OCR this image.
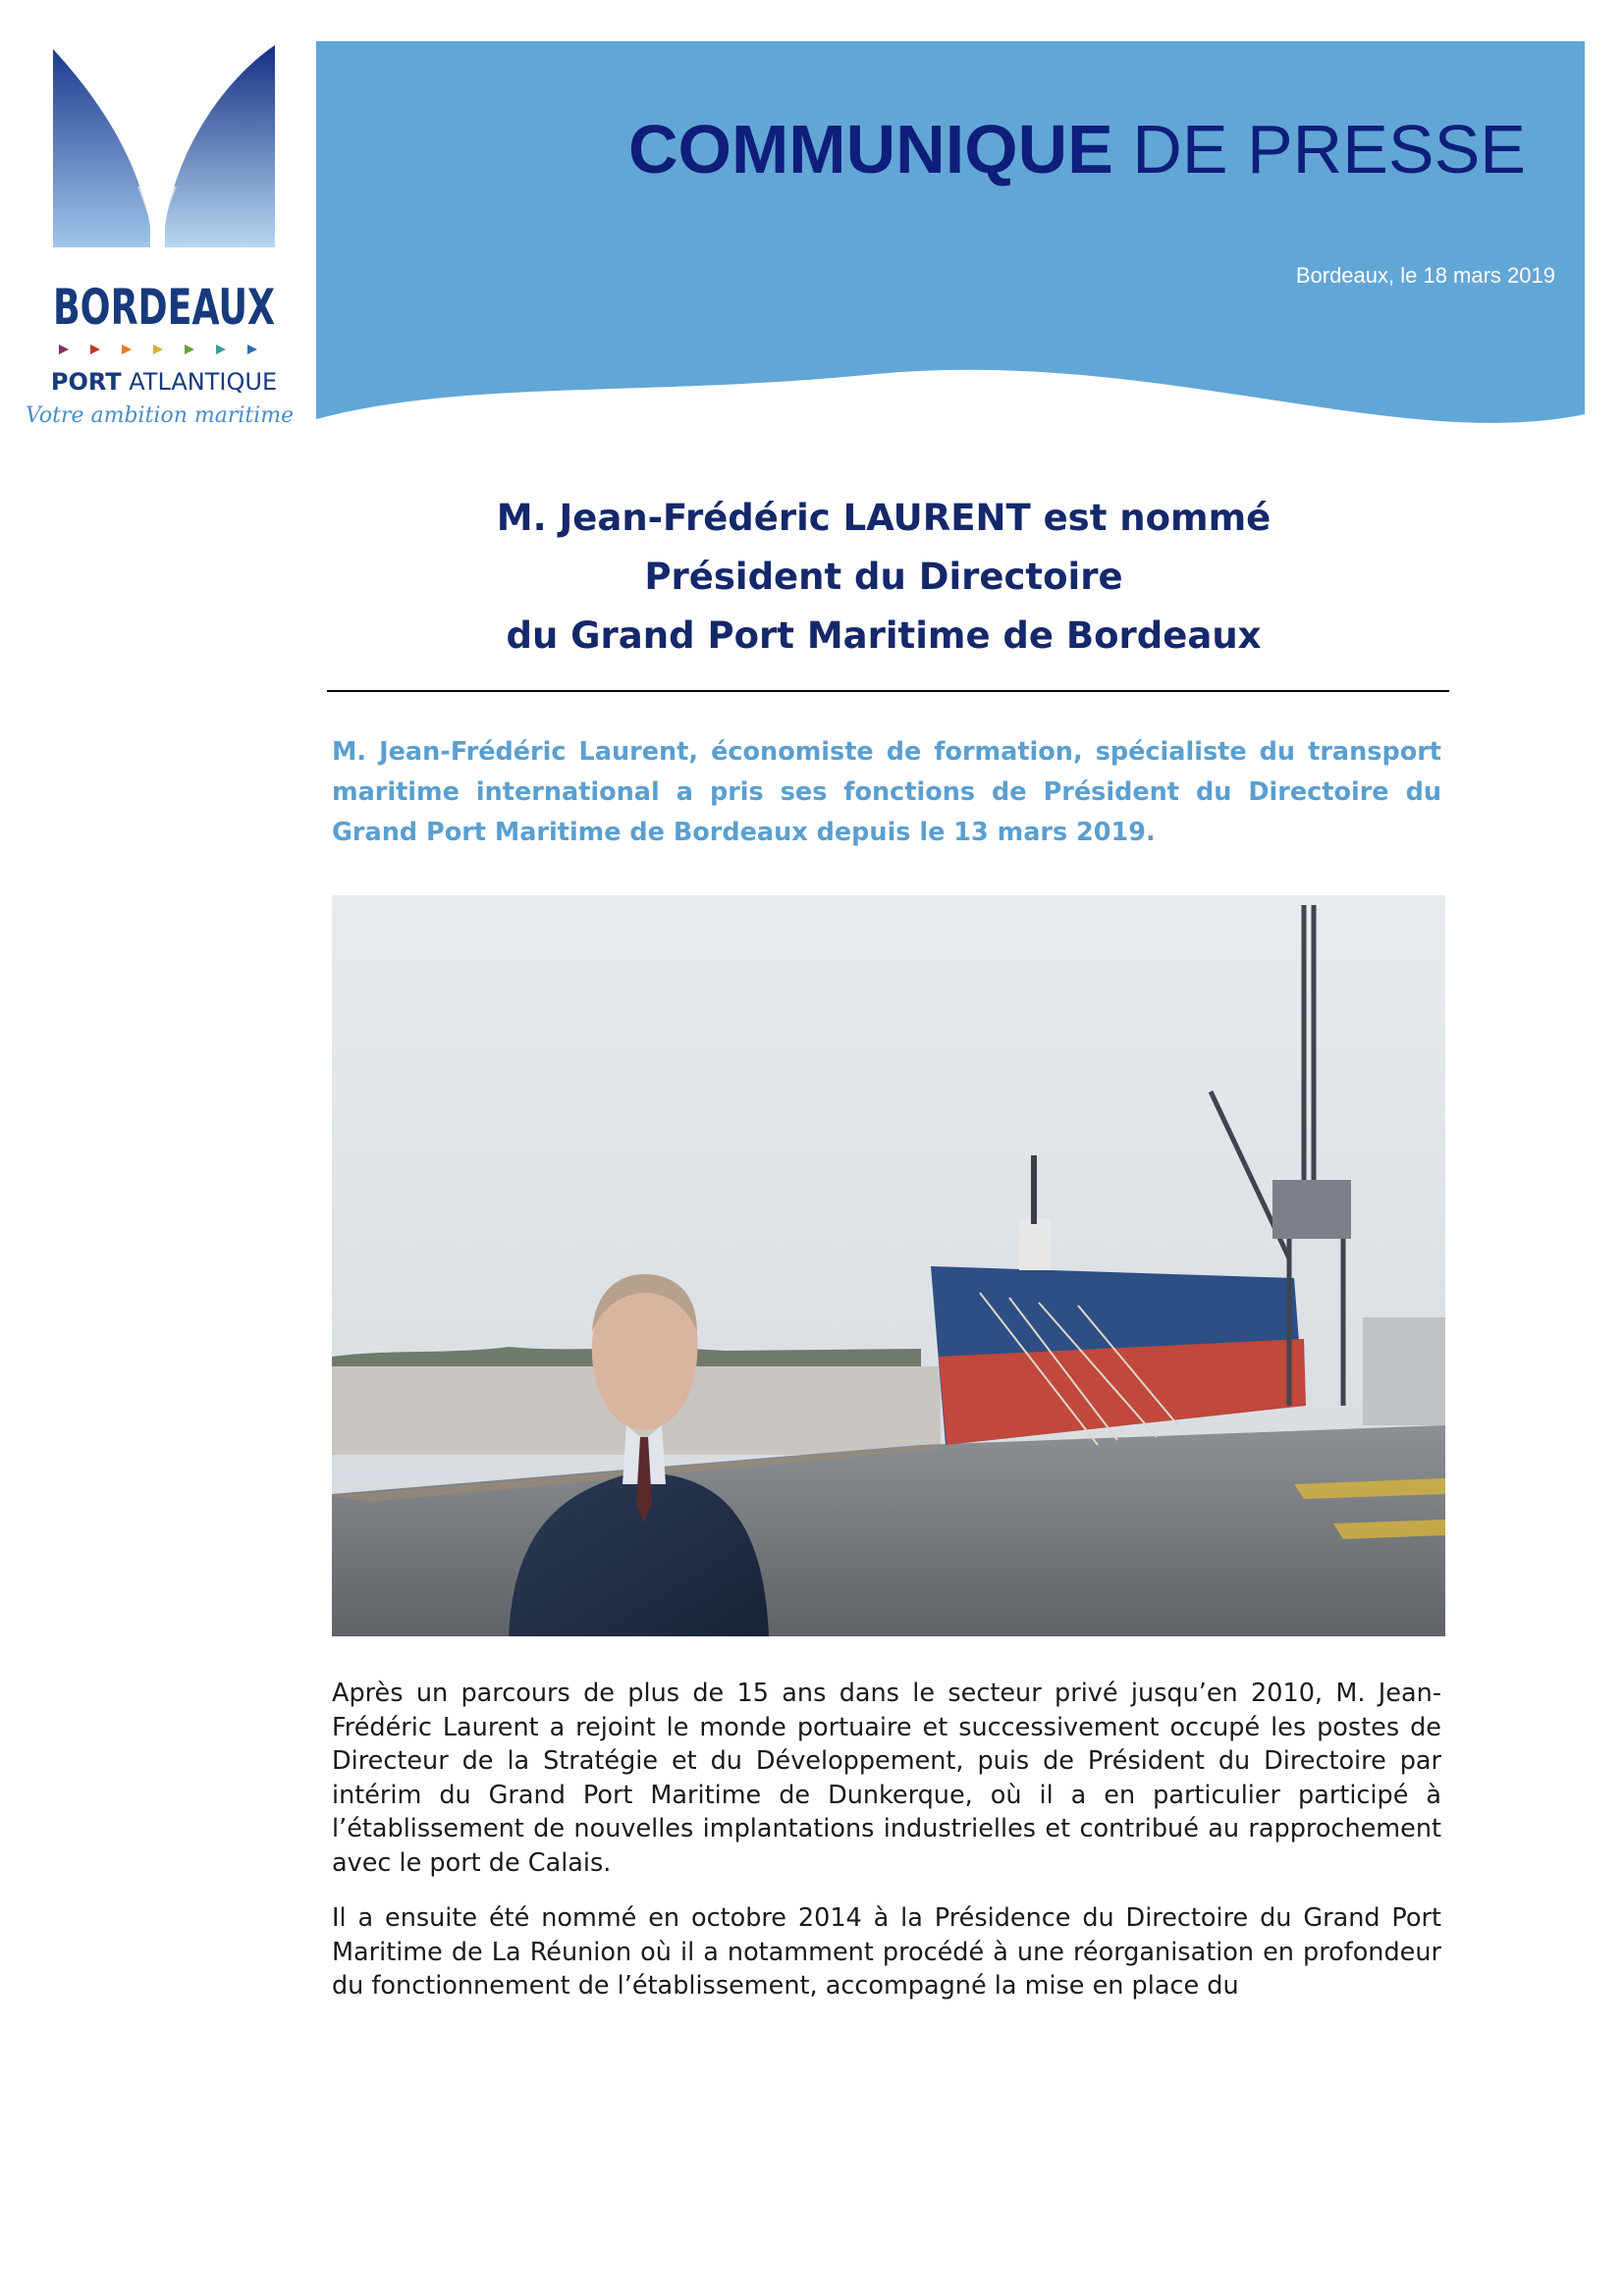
BORDEAUX
PORT ATLANTIQUE
Votre ambition maritime
COMMUNIQUE DE PRESSE
Bordeaux, le 18 mars 2019
M. Jean-Frédéric LAURENT est nommé
Président du Directoire
du Grand Port Maritime de Bordeaux

M. Jean-Frédéric Laurent, économiste de formation, spécialiste du transport maritime international a pris ses fonctions de Président du Directoire du Grand Port Maritime de Bordeaux depuis le 13 mars 2019.

Après un parcours de plus de 15 ans dans le secteur privé jusqu’en 2010, M. Jean-Frédéric Laurent a rejoint le monde portuaire et successivement occupé les postes de Directeur de la Stratégie et du Développement, puis de Président du Directoire par intérim du Grand Port Maritime de Dunkerque, où il a en particulier participé à l’établissement de nouvelles implantations industrielles et contribué au rapprochement avec le port de Calais.

Il a ensuite été nommé en octobre 2014 à la Présidence du Directoire du Grand Port Maritime de La Réunion où il a notamment procédé à une réorganisation en profondeur du fonctionnement de l’établissement, accompagné la mise en place du
